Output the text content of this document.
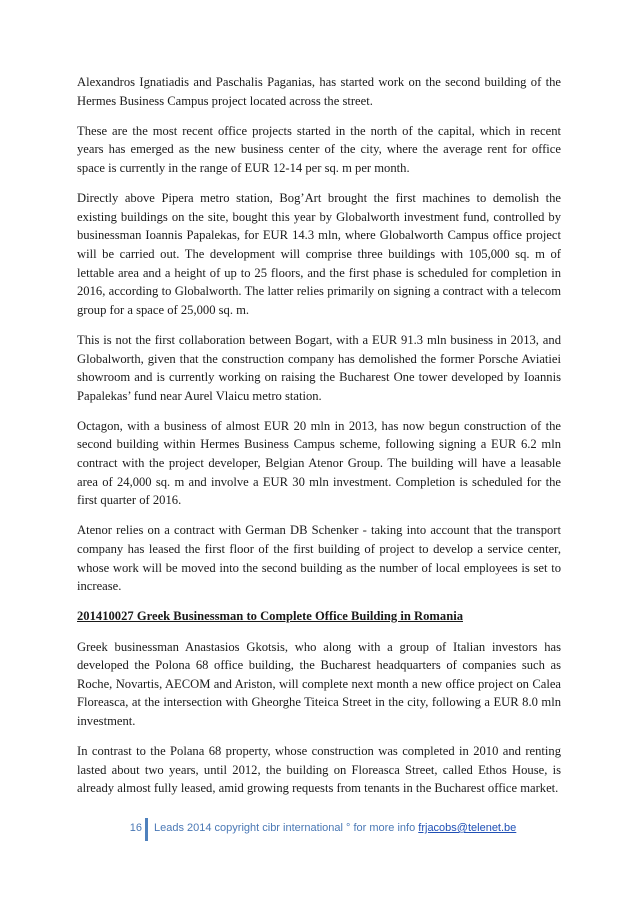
Alexandros Ignatiadis and Paschalis Paganias, has started work on the second building of the Hermes Business Campus project located across the street.

These are the most recent office projects started in the north of the capital, which in recent years has emerged as the new business center of the city, where the average rent for office space is currently in the range of EUR 12-14 per sq. m per month.

Directly above Pipera metro station, Bog’Art brought the first machines to demolish the existing buildings on the site, bought this year by Globalworth investment fund, controlled by businessman Ioannis Papalekas, for EUR 14.3 mln, where Globalworth Campus office project will be carried out. The development will comprise three buildings with 105,000 sq. m of lettable area and a height of up to 25 floors, and the first phase is scheduled for completion in 2016, according to Globalworth. The latter relies primarily on signing a contract with a telecom group for a space of 25,000 sq. m.

This is not the first collaboration between Bogart, with a EUR 91.3 mln business in 2013, and Globalworth, given that the construction company has demolished the former Porsche Aviatiei showroom and is currently working on raising the Bucharest One tower developed by Ioannis Papalekas’ fund near Aurel Vlaicu metro station.

Octagon, with a business of almost EUR 20 mln in 2013, has now begun construction of the second building within Hermes Business Campus scheme, following signing a EUR 6.2 mln contract with the project developer, Belgian Atenor Group. The building will have a leasable area of 24,000 sq. m and involve a EUR 30 mln investment. Completion is scheduled for the first quarter of 2016.

Atenor relies on a contract with German DB Schenker - taking into account that the transport company has leased the first floor of the first building of project to develop a service center, whose work will be moved into the second building as the number of local employees is set to increase.

201410027 Greek Businessman to Complete Office Building in Romania

Greek businessman Anastasios Gkotsis, who along with a group of Italian investors has developed the Polona 68 office building, the Bucharest headquarters of companies such as Roche, Novartis, AECOM and Ariston, will complete next month a new office project on Calea Floreasca, at the intersection with Gheorghe Titeica Street in the city, following a EUR 8.0 mln investment.

In contrast to the Polana 68 property, whose construction was completed in 2010 and renting lasted about two years, until 2012, the building on Floreasca Street, called Ethos House, is already almost fully leased, amid growing requests from tenants in the Bucharest office market.

16 Leads 2014 copyright cibr international ° for more info frjacobs@telenet.be
